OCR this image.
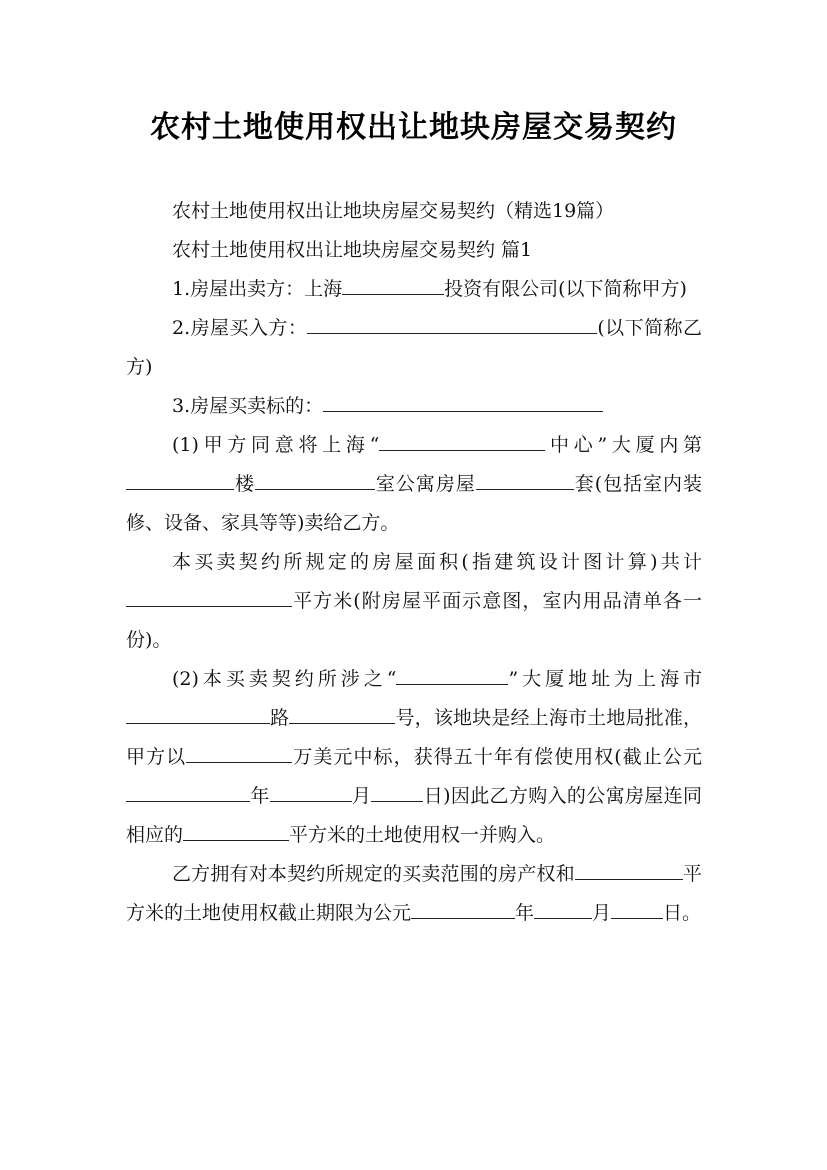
农村土地使用权出让地块房屋交易契约

农村土地使用权出让地块房屋交易契约（精选19篇）

农村土地使用权出让地块房屋交易契约 篇1

1.房屋出卖方：上海	投资有限公司(以下简称甲方)

2.房屋买入方：	(以下简称乙方)

3.房屋买卖标的：

(1)甲方同意将上海“	中心”大厦内第楼	室公寓房屋	套(包括室内装修、设备、家具等等)卖给乙方。

本买卖契约所规定的房屋面积(指建筑设计图计算)共计平方米(附房屋平面示意图，室内用品清单各一份)。

(2)本买卖契约所涉之“	”大厦地址为上海市路	号，该地块是经上海市土地局批准，甲方以	万美元中标，获得五十年有偿使用权(截止公元年	月	日)因此乙方购入的公寓房屋连同相应的	平方米的土地使用权一并购入。

乙方拥有对本契约所规定的买卖范围的房产权和	平方米的土地使用权截止期限为公元	年	月	日。
